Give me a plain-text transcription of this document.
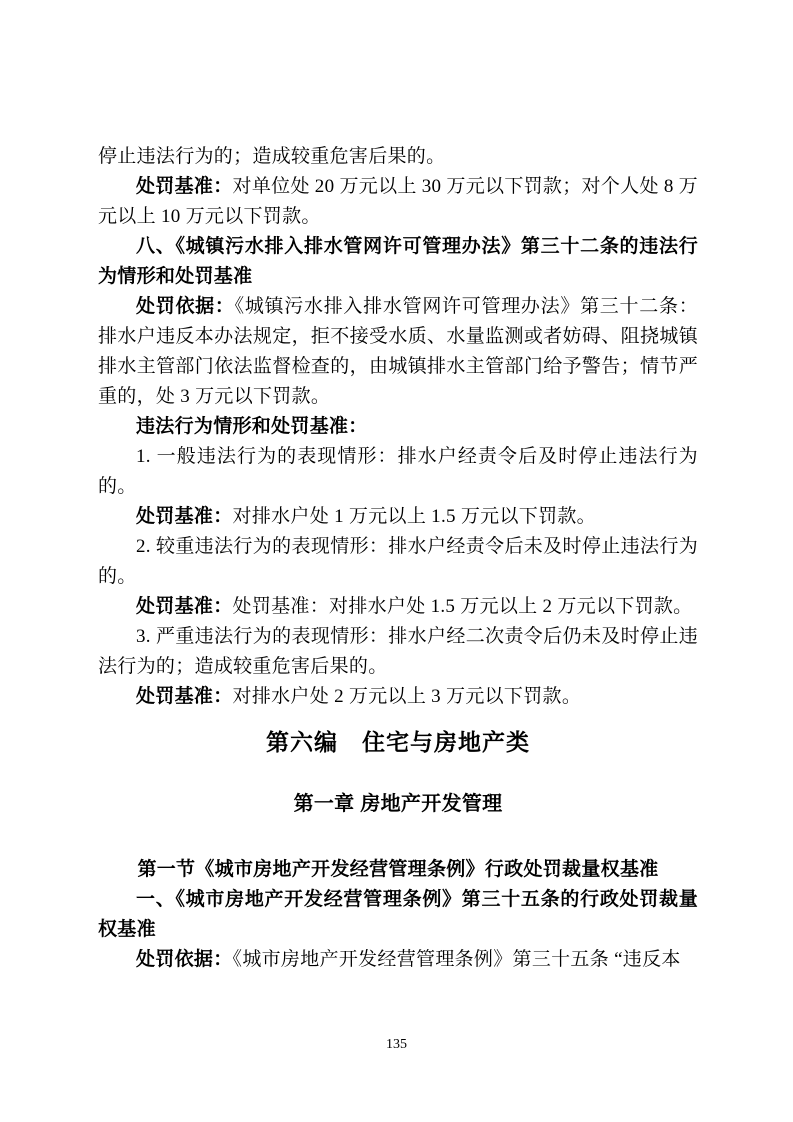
停止违法行为的；造成较重危害后果的。

处罚基准：对单位处 20 万元以上 30 万元以下罚款；对个人处 8 万元以上 10 万元以下罚款。

八、《城镇污水排入排水管网许可管理办法》第三十二条的违法行为情形和处罚基准

处罚依据：《城镇污水排入排水管网许可管理办法》第三十二条：排水户违反本办法规定，拒不接受水质、水量监测或者妨碍、阻挠城镇排水主管部门依法监督检查的，由城镇排水主管部门给予警告；情节严重的，处 3 万元以下罚款。

违法行为情形和处罚基准：

1. 一般违法行为的表现情形：排水户经责令后及时停止违法行为的。

处罚基准：对排水户处 1 万元以上 1.5 万元以下罚款。

2. 较重违法行为的表现情形：排水户经责令后未及时停止违法行为的。

处罚基准：处罚基准：对排水户处 1.5 万元以上 2 万元以下罚款。

3. 严重违法行为的表现情形：排水户经二次责令后仍未及时停止违法行为的；造成较重危害后果的。

处罚基准：对排水户处 2 万元以上 3 万元以下罚款。

第六编　住宅与房地产类
第一章 房地产开发管理
第一节《城市房地产开发经营管理条例》行政处罚裁量权基准

一、《城市房地产开发经营管理条例》第三十五条的行政处罚裁量权基准

处罚依据：《城市房地产开发经营管理条例》第三十五条 “违反本

135
